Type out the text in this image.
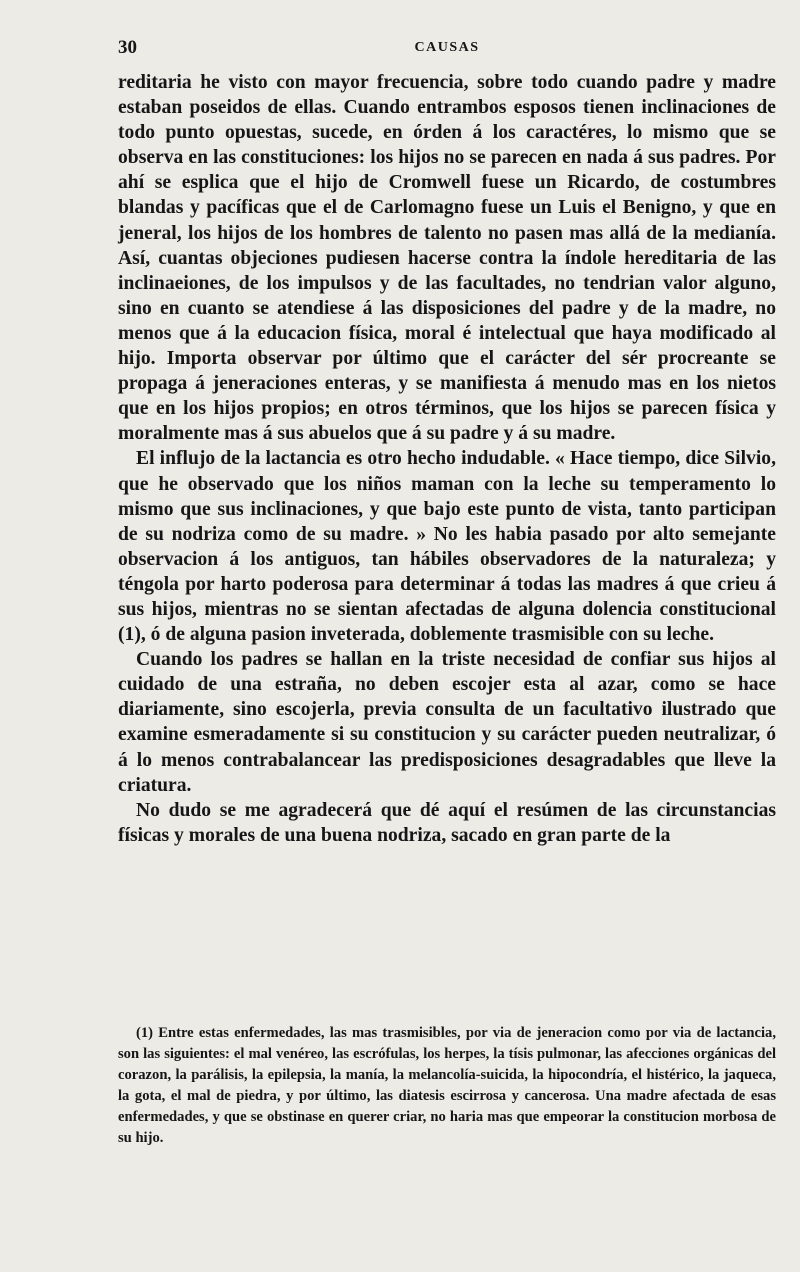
30	CAUSAS

reditaria he visto con mayor frecuencia, sobre todo cuando padre y madre estaban poseidos de ellas. Cuando entrambos esposos tienen inclinaciones de todo punto opuestas, sucede, en órden á los caractéres, lo mismo que se observa en las constituciones: los hijos no se parecen en nada á sus padres. Por ahí se esplica que el hijo de Cromwell fuese un Ricardo, de costumbres blandas y pacíficas que el de Carlomagno fuese un Luis el Benigno, y que en jeneral, los hijos de los hombres de talento no pasen mas allá de la medianía. Así, cuantas objeciones pudiesen hacerse contra la índole hereditaria de las inclinaeiones, de los impulsos y de las facultades, no tendrian valor alguno, sino en cuanto se atendiese á las disposiciones del padre y de la madre, no menos que á la educacion física, moral é intelectual que haya modificado al hijo. Importa observar por último que el carácter del sér procreante se propaga á jeneraciones enteras, y se manifiesta á menudo mas en los nietos que en los hijos propios; en otros términos, que los hijos se parecen física y moralmente mas á sus abuelos que á su padre y á su madre.

El influjo de la lactancia es otro hecho indudable. « Hace tiempo, dice Silvio, que he observado que los niños maman con la leche su temperamento lo mismo que sus inclinaciones, y que bajo este punto de vista, tanto participan de su nodriza como de su madre. » No les habia pasado por alto semejante observacion á los antiguos, tan hábiles observadores de la naturaleza; y téngola por harto poderosa para determinar á todas las madres á que crieu á sus hijos, mientras no se sientan afectadas de alguna dolencia constitucional (1), ó de alguna pasion inveterada, doblemente trasmisible con su leche.

Cuando los padres se hallan en la triste necesidad de confiar sus hijos al cuidado de una estraña, no deben escojer esta al azar, como se hace diariamente, sino escojerla, previa consulta de un facultativo ilustrado que examine esmeradamente si su constitucion y su carácter pueden neutralizar, ó á lo menos contrabalancear las predisposiciones desagradables que lleve la criatura.

No dudo se me agradecerá que dé aquí el resúmen de las circunstancias físicas y morales de una buena nodriza, sacado en gran parte de la

(1) Entre estas enfermedades, las mas trasmisibles, por via de jeneracion como por via de lactancia, son las siguientes: el mal venéreo, las escrófulas, los herpes, la tísis pulmonar, las afecciones orgánicas del corazon, la parálisis, la epilepsia, la manía, la melancolía-suicida, la hipocondría, el histérico, la jaqueca, la gota, el mal de piedra, y por último, las diatesis escirrosa y cancerosa. Una madre afectada de esas enfermedades, y que se obstinase en querer criar, no haria mas que empeorar la constitucion morbosa de su hijo.
